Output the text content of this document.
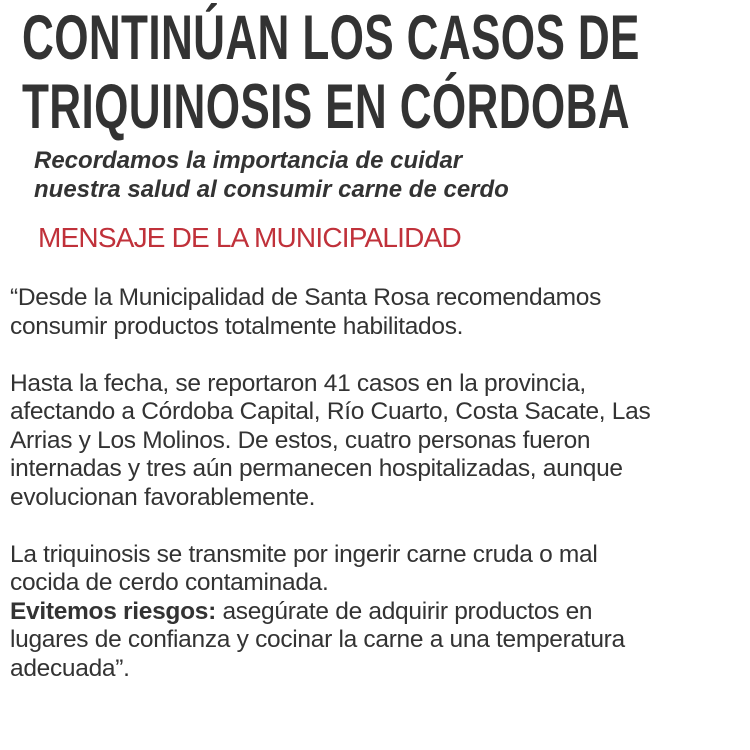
CONTINÚAN LOS CASOS DE
TRIQUINOSIS EN CÓRDOBA
Recordamos la importancia de cuidar
nuestra salud al consumir carne de cerdo
MENSAJE DE LA MUNICIPALIDAD
“Desde la Municipalidad de Santa Rosa recomendamos
consumir productos totalmente habilitados.
Hasta la fecha, se reportaron 41 casos en la provincia,
afectando a Córdoba Capital, Río Cuarto, Costa Sacate, Las
Arrias y Los Molinos. De estos, cuatro personas fueron
internadas y tres aún permanecen hospitalizadas, aunque
evolucionan favorablemente.
La triquinosis se transmite por ingerir carne cruda o mal
cocida de cerdo contaminada.
Evitemos riesgos: asegúrate de adquirir productos en
lugares de confianza y cocinar la carne a una temperatura
adecuada”.
